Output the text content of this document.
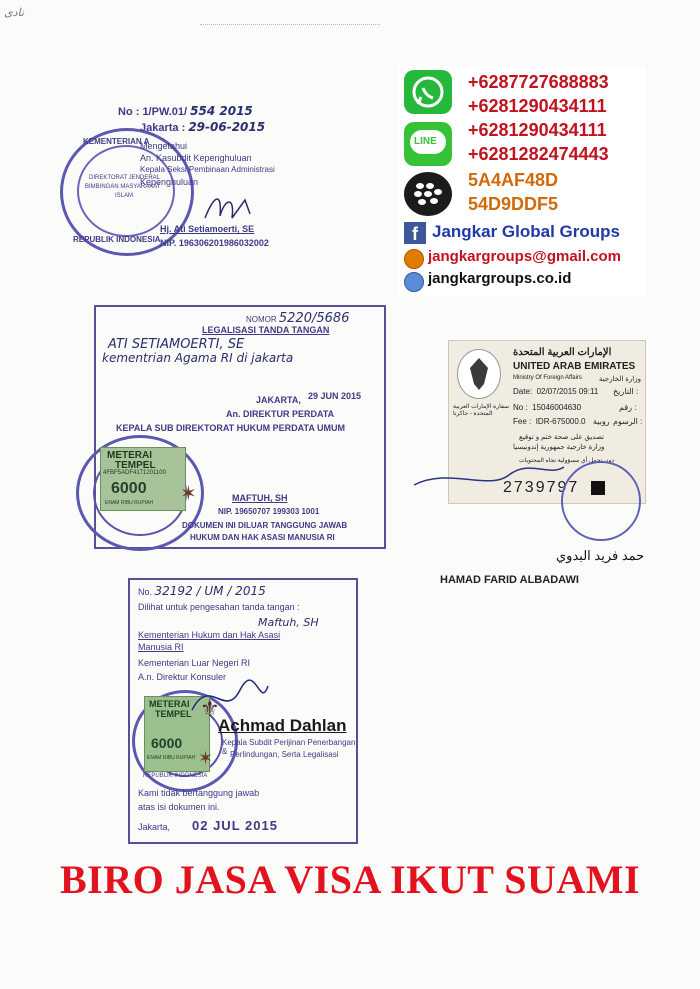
نادى
KEMENTERIAN A
DIREKTORAT JENDERAL
BIMBINGAN MASYARAKAT
ISLAM
REPUBLIK INDONESIA
No : 1/PW.01/ 554 2015
Jakarta : 29-06-2015
Mengetahui
An. Kasubdit Kepenghuluan
Kepala Seksi Pembinaan Administrasi
Kepenghuluan
Hj. Ati Setiamoerti, SE
NIP. 196306201986032002
LINE
+6287727688883
+6281290434111
+6281290434111
+6281282474443
5A4AF48D
54D9DDF5
f Jangkar Global Groups
jangkargroups@gmail.com
jangkargroups.co.id
NOMOR 5220/5686
LEGALISASI TANDA TANGAN
ATI SETIAMOERTI, SE
kementrian Agama RI di jakarta
JAKARTA, 29 JUN 2015
An. DIREKTUR PERDATA
KEPALA SUB DIREKTORAT HUKUM PERDATA UMUM
METERAI
TEMPEL
4FBF5ADF4171201100
6000
ENAM RIBU RUPIAH ✶	MAFTUH, SH
NIP. 19650707 199303 1001
DOKUMEN INI DILUAR TANGGUNG JAWAB
HUKUM DAN HAK ASASI MANUSIA RI
الإمارات العربية المتحدة
UNITED ARAB EMIRATES
Ministry Of Foreign Affairs وزارة الخارجية
Date: 02/07/2015 09:11 التاريخ :
سفارة الإمارات العربية المتحدة - جاكرتا
No : 15046004630	رقم :
Fee : IDR-675000.0 روبية الرسوم :
تصديق على صحة ختم و توقيع
وزارة خارجية جمهورية إندونيسيا
دون تحمل أي مسؤولية تجاه المحتويات
2739797
حمد فريد البدوي
HAMAD FARID ALBADAWI
No. 32192 / UM / 2015
Dilihat untuk pengesahan tanda tangan :
Maftuh, SH
Kementerian Hukum dan Hak Asasi
Manusia RI
Kementerian Luar Negeri RI
A.n. Direktur Konsuler
REPUBLIK INDONESIA
METERAI
TEMPEL
6000
ENAM RIBU RUPIAH
⚜
✶
Achmad Dahlan
Kepala Subdit Perijinan Penerbangan & Perlindungan, Serta Legalisasi
Kami tidak bertanggung jawab
atas isi dokumen ini.
Jakarta, 02 JUL 2015
BIRO JASA VISA IKUT SUAMI
